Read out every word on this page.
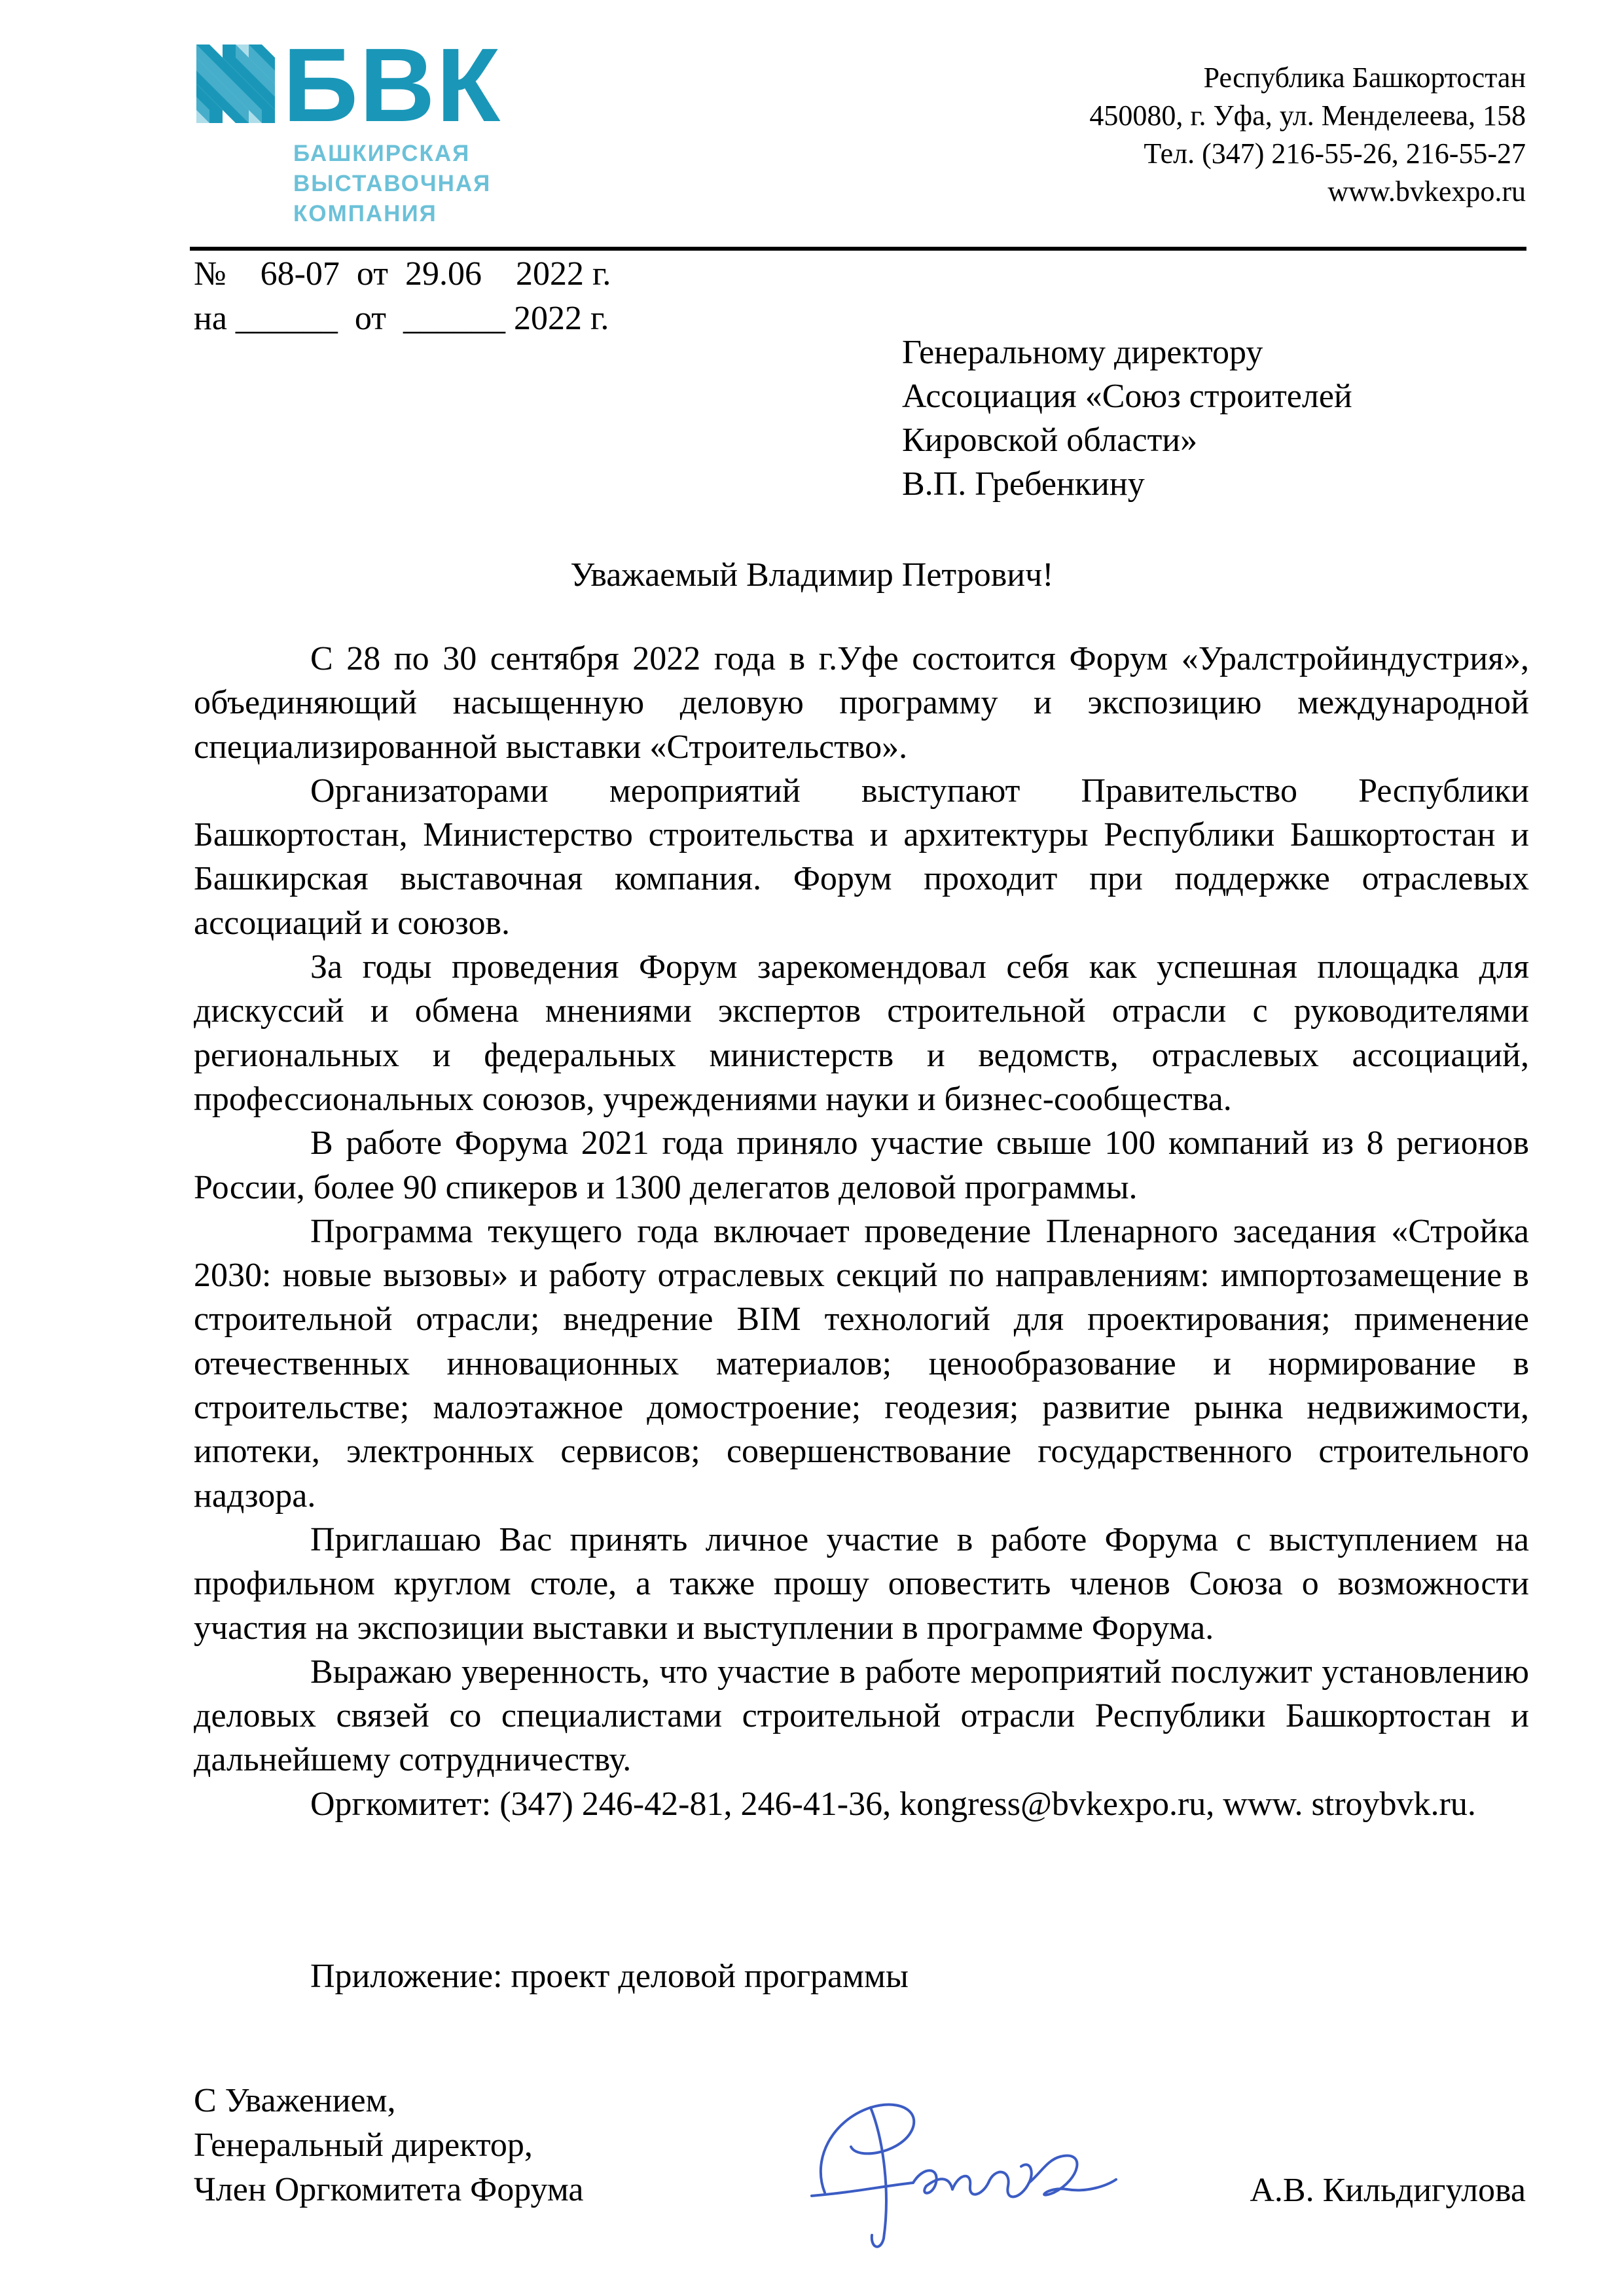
БВК
БАШКИРСКАЯ
ВЫСТАВОЧНАЯ
КОМПАНИЯ
Республика Башкортостан
450080, г. Уфа, ул. Менделеева, 158
Тел. (347) 216-55-26, 216-55-27
www.bvkexpo.ru
№    68-07  от  29.06    2022 г.
на ______  от  ______ 2022 г.
Генеральному директору
Ассоциация «Союз строителей
Кировской области»
В.П. Гребенкину
Уважаемый Владимир Петрович!

С 28 по 30 сентября 2022 года в г.Уфе состоится Форум «Уралстройиндустрия», объединяющий насыщенную деловую программу и экспозицию международной специализированной выставки «Строительство».

Организаторами мероприятий выступают Правительство Республики Башкортостан, Министерство строительства и архитектуры Республики Башкортостан и Башкирская выставочная компания. Форум проходит при поддержке отраслевых ассоциаций и союзов.

За годы проведения Форум зарекомендовал себя как успешная площадка для дискуссий и обмена мнениями экспертов строительной отрасли с руководителями региональных и федеральных министерств и ведомств, отраслевых ассоциаций, профессиональных союзов, учреждениями науки и бизнес-сообщества.

В работе Форума 2021 года приняло участие свыше 100 компаний из 8 регионов России, более 90 спикеров и 1300 делегатов деловой программы.

Программа текущего года включает проведение Пленарного заседания «Стройка 2030: новые вызовы» и работу отраслевых секций по направлениям: импортозамещение в строительной отрасли; внедрение BIM технологий для проектирования; применение отечественных инновационных материалов; ценообразование и нормирование в строительстве; малоэтажное домостроение; геодезия; развитие рынка недвижимости, ипотеки, электронных сервисов; совершенствование государственного строительного надзора.

Приглашаю Вас принять личное участие в работе Форума с выступлением на профильном круглом столе, а также прошу оповестить членов Союза о возможности участия на экспозиции выставки и выступлении в программе Форума.

Выражаю уверенность, что участие в работе мероприятий послужит установлению деловых связей со специалистами строительной отрасли Республики Башкортостан и дальнейшему сотрудничеству.

Оргкомитет: (347) 246-42-81, 246-41-36, kongress@bvkexpo.ru, www. stroybvk.ru.

Приложение: проект деловой программы
С Уважением,
Генеральный директор,
Член Оргкомитета Форума	А.В. Кильдигулова
